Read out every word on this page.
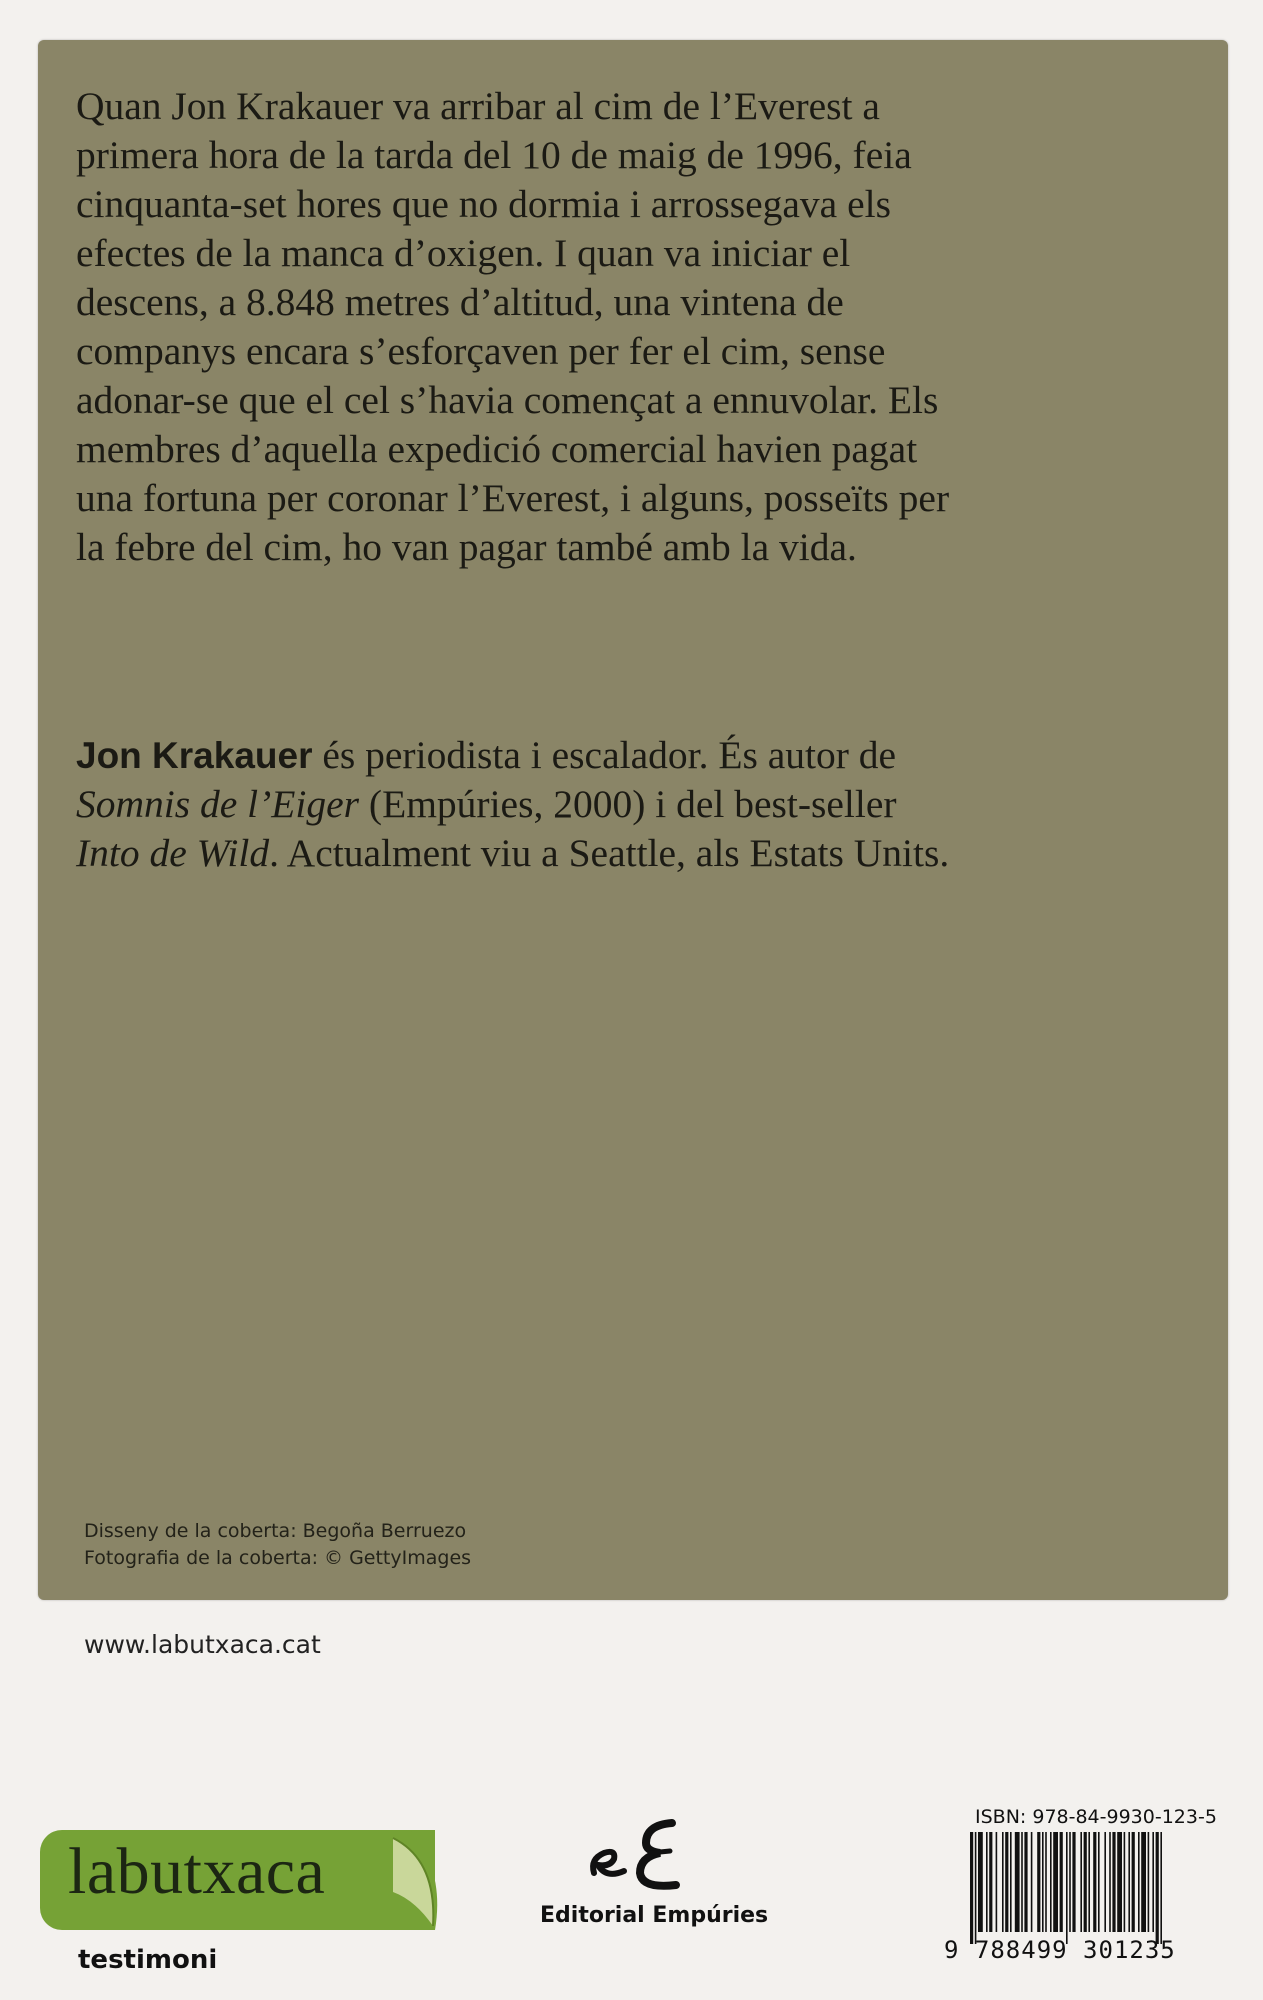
Quan Jon Krakauer va arribar al cim de l’Everest a primera hora de la tarda del 10 de maig de 1996, feia cinquanta-set hores que no dormia i arrossegava els efectes de la manca d’oxigen. I quan va iniciar el descens, a 8.848 metres d’altitud, una vintena de companys encara s’esforçaven per fer el cim, sense adonar-se que el cel s’havia començat a ennuvolar. Els membres d’aquella expedició comercial havien pagat una fortuna per coronar l’Everest, i alguns, posseïts per la febre del cim, ho van pagar també amb la vida.

Jon Krakauer és periodista i escalador. És autor de Somnis de l’Eiger (Empúries, 2000) i del best-seller Into de Wild. Actualment viu a Seattle, als Estats Units.

Disseny de la coberta: Begoña Berruezo
Fotografia de la coberta: © GettyImages
www.labutxaca.cat
labutxaca
testimoni
Editorial Empúries
ISBN: 978-84-9930-123-5
9 788499 301235
